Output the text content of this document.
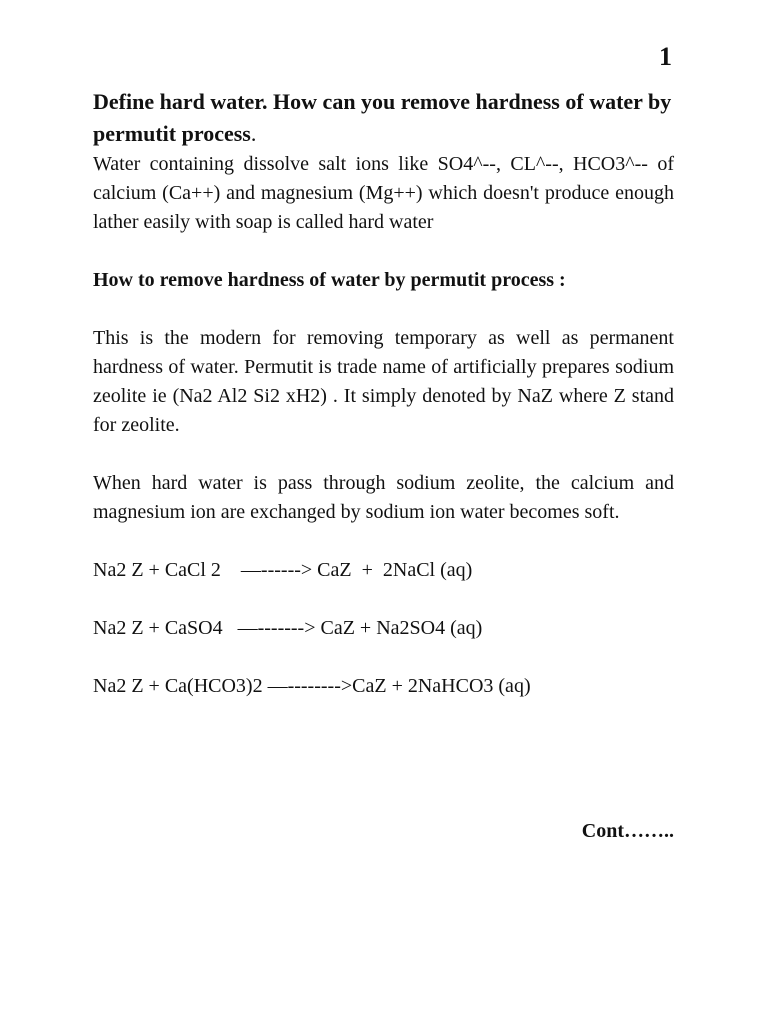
1
Define hard water. How can you remove hardness of water by permutit process.

Water containing dissolve salt ions like SO4^--, CL^--, HCO3^-- of calcium (Ca++) and magnesium (Mg++) which doesn't produce enough lather easily with soap is called hard water

How to remove hardness of water by permutit process :

This is the modern for removing temporary as well as permanent hardness of water. Permutit is trade name of artificially prepares sodium zeolite ie (Na2 Al2 Si2 xH2) . It simply denoted by NaZ where Z stand for zeolite.

When hard water is pass through sodium zeolite, the calcium and magnesium ion are exchanged by sodium ion water becomes soft.

Na2 Z + CaCl 2    —------> CaZ  +  2NaCl (aq)

Na2 Z + CaSO4   —-------> CaZ + Na2SO4 (aq)

Na2 Z + Ca(HCO3)2 —-------->CaZ + 2NaHCO3 (aq)

Cont……..
